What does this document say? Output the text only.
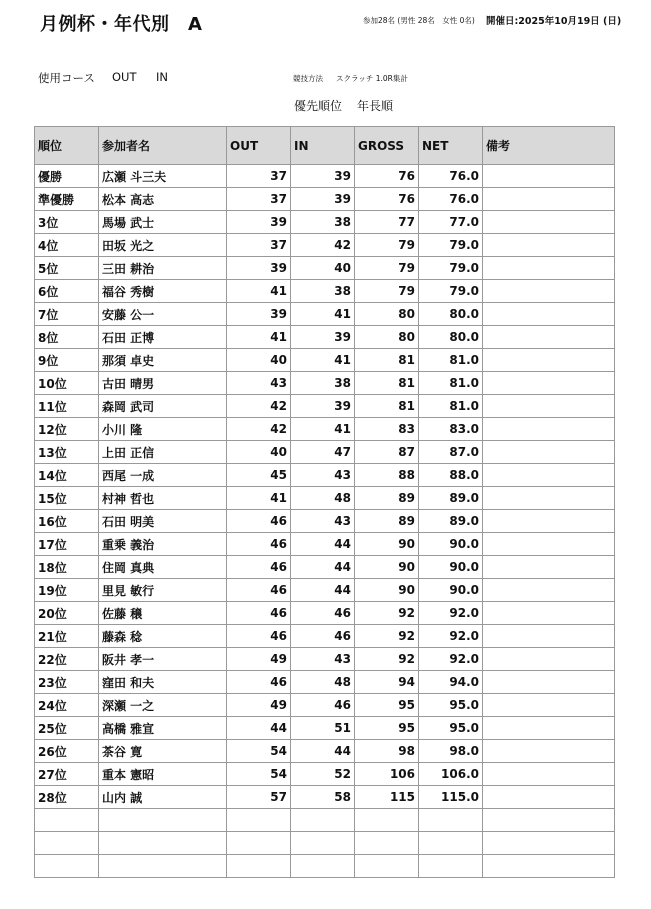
月例杯・年代別　A	参加28名 (男性 28名　女性 0名) 開催日:2025年10月19日 (日)
使用コース OUT IN	競技方法 スクラッチ 1.0R集計
優先順位 年長順
順位	参加者名	OUT	IN	GROSS	NET	備考
優勝	広瀬 斗三夫	37	39	76	76.0	
準優勝	松本 高志	37	39	76	76.0	
3位	馬場 武士	39	38	77	77.0	
4位	田坂 光之	37	42	79	79.0	
5位	三田 耕治	39	40	79	79.0	
6位	福谷 秀樹	41	38	79	79.0	
7位	安藤 公一	39	41	80	80.0	
8位	石田 正博	41	39	80	80.0	
9位	那須 卓史	40	41	81	81.0	
10位	古田 晴男	43	38	81	81.0	
11位	森岡 武司	42	39	81	81.0	
12位	小川 隆	42	41	83	83.0	
13位	上田 正信	40	47	87	87.0	
14位	西尾 一成	45	43	88	88.0	
15位	村神 哲也	41	48	89	89.0	
16位	石田 明美	46	43	89	89.0	
17位	重乗 義治	46	44	90	90.0	
18位	住岡 真典	46	44	90	90.0	
19位	里見 敏行	46	44	90	90.0	
20位	佐藤 穣	46	46	92	92.0	
21位	藤森 稔	46	46	92	92.0	
22位	阪井 孝一	49	43	92	92.0	
23位	窪田 和夫	46	48	94	94.0	
24位	深瀬 一之	49	46	95	95.0	
25位	高橋 雅宣	44	51	95	95.0	
26位	茶谷 寛	54	44	98	98.0	
27位	重本 憲昭	54	52	106	106.0	
28位	山内 誠	57	58	115	115.0	
